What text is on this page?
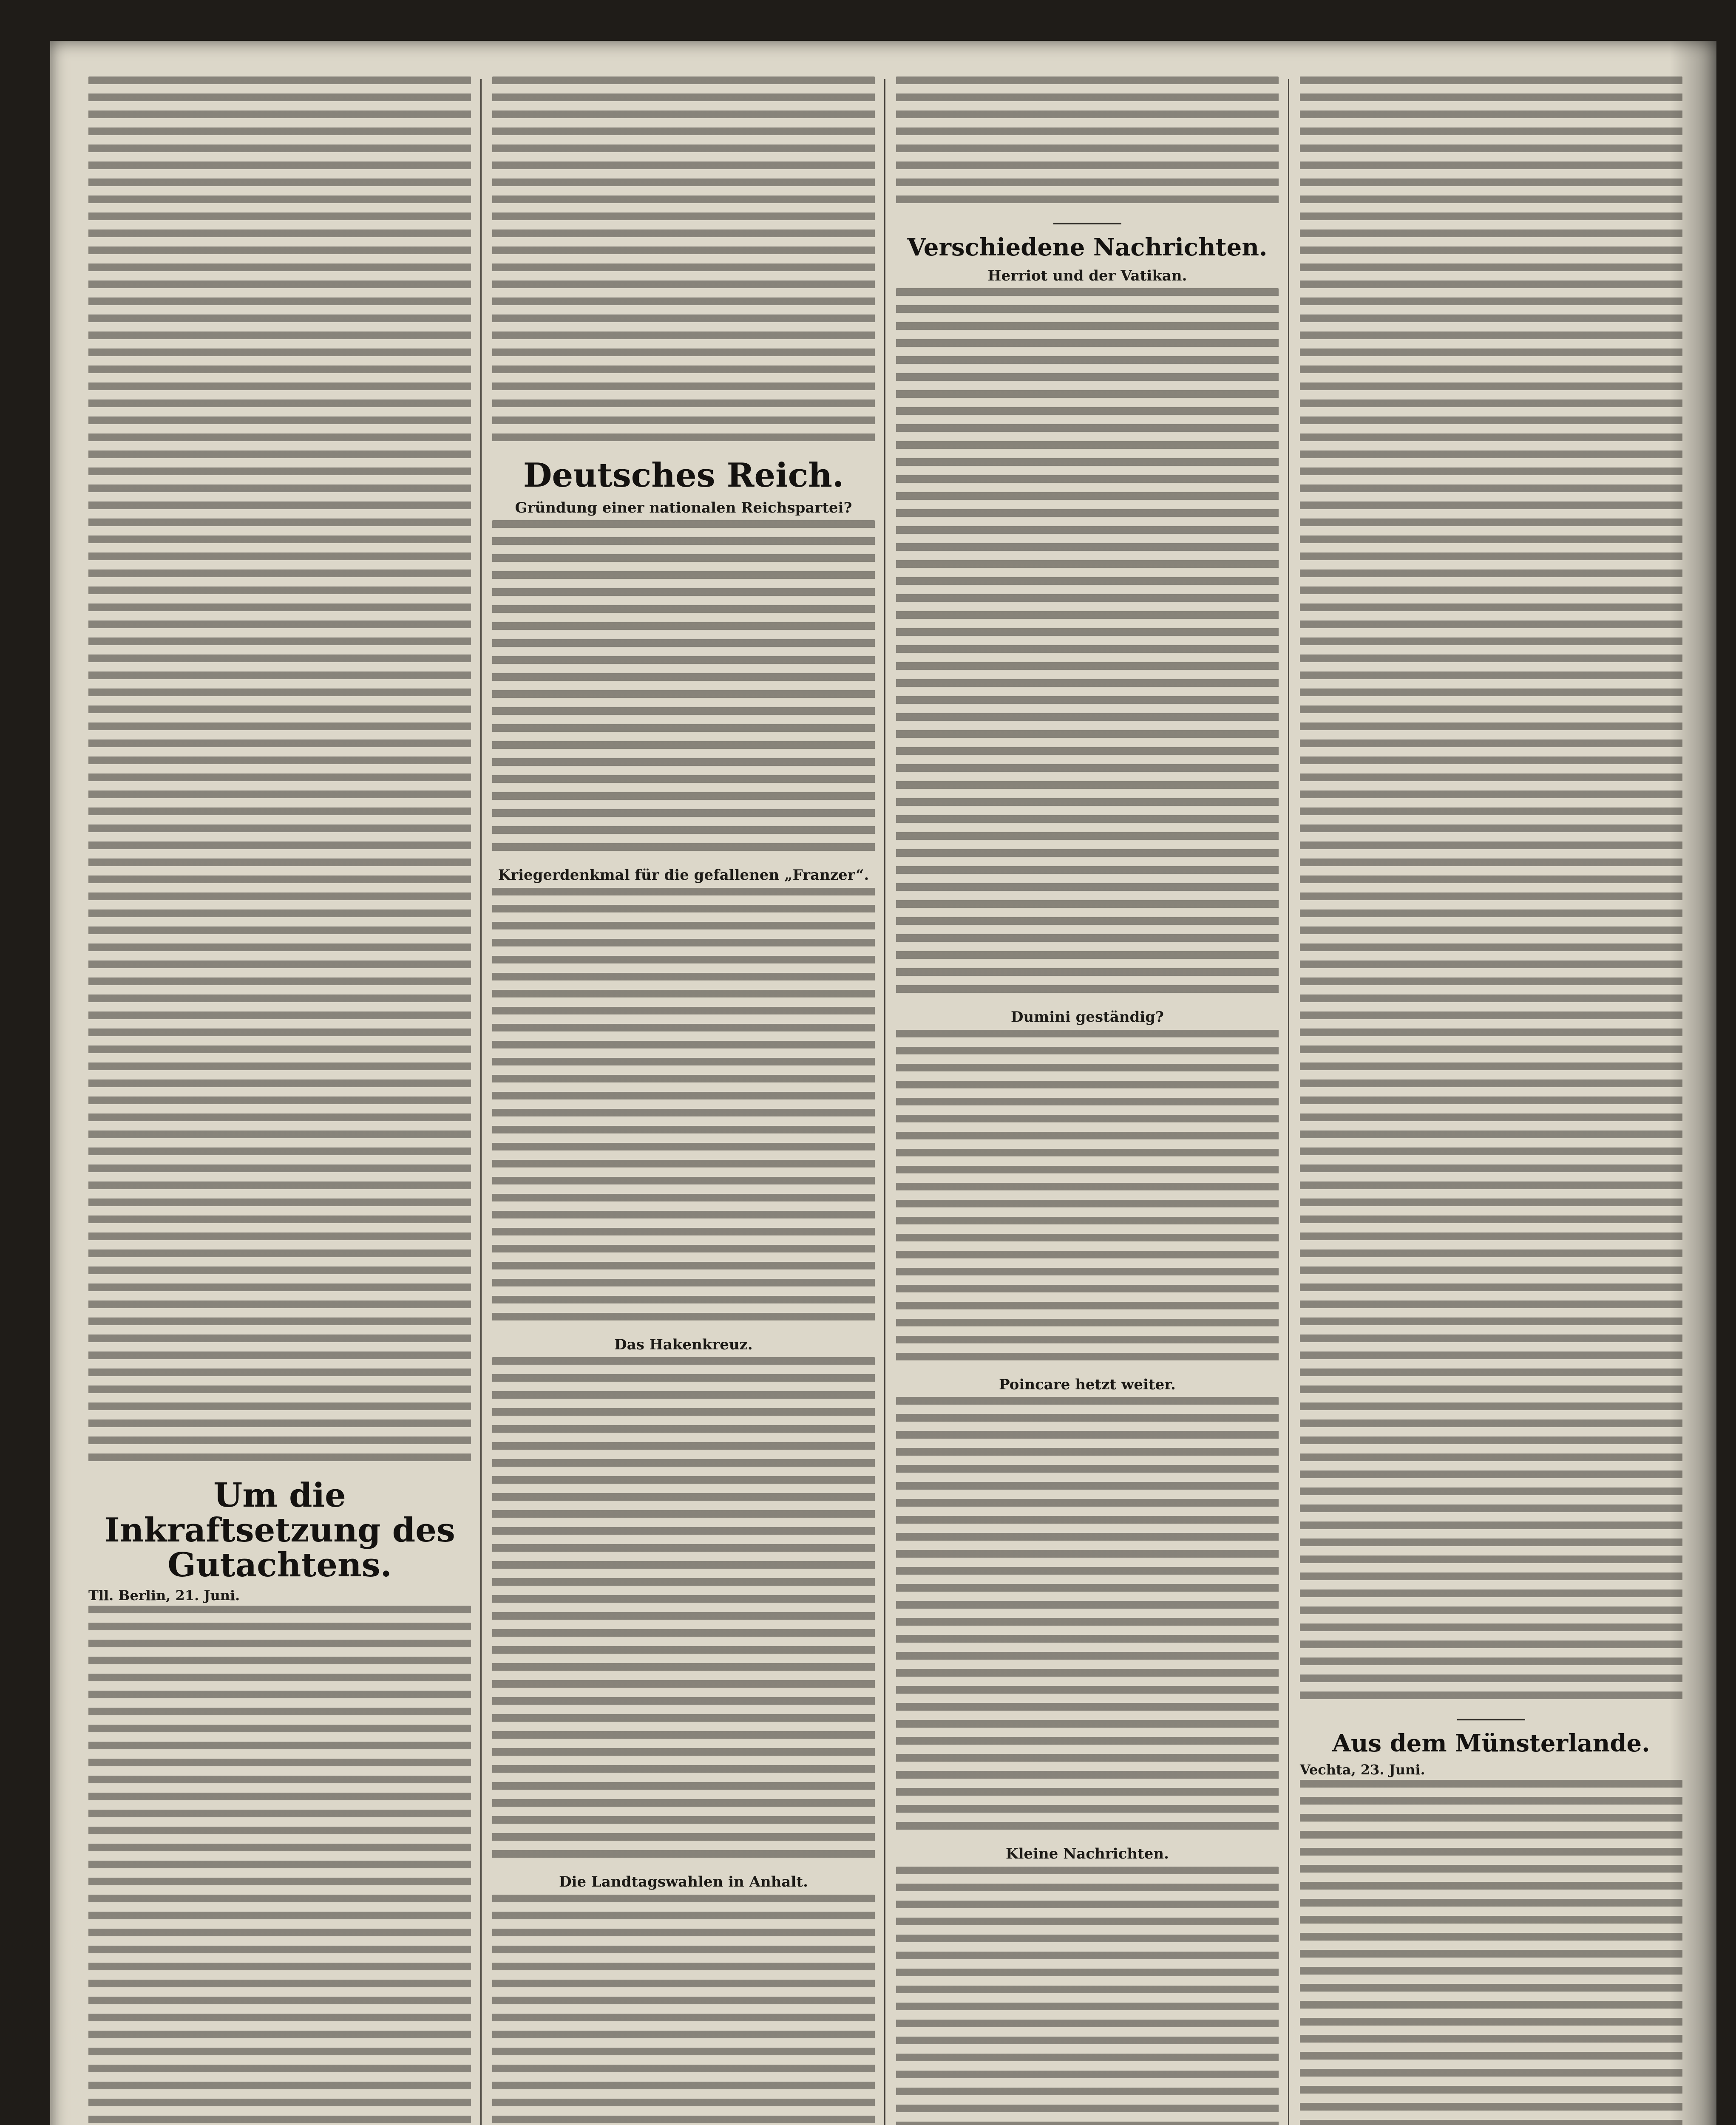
Um die Inkraftsetzung des
Gutachtens.
Tll. Berlin, 21. Juni.
Deutsches Reich.
Gründung einer nationalen Reichspartei?
Kriegerdenkmal für die gefallenen „Franzer“.
Das Hakenkreuz.
Die Landtagswahlen in Anhalt.
Verschiedene Nachrichten.
Herriot und der Vatikan.
Dumini geständig?
Poincare hetzt weiter.
Kleine Nachrichten.
Aus dem Münsterlande.
Vechta, 23. Juni.
